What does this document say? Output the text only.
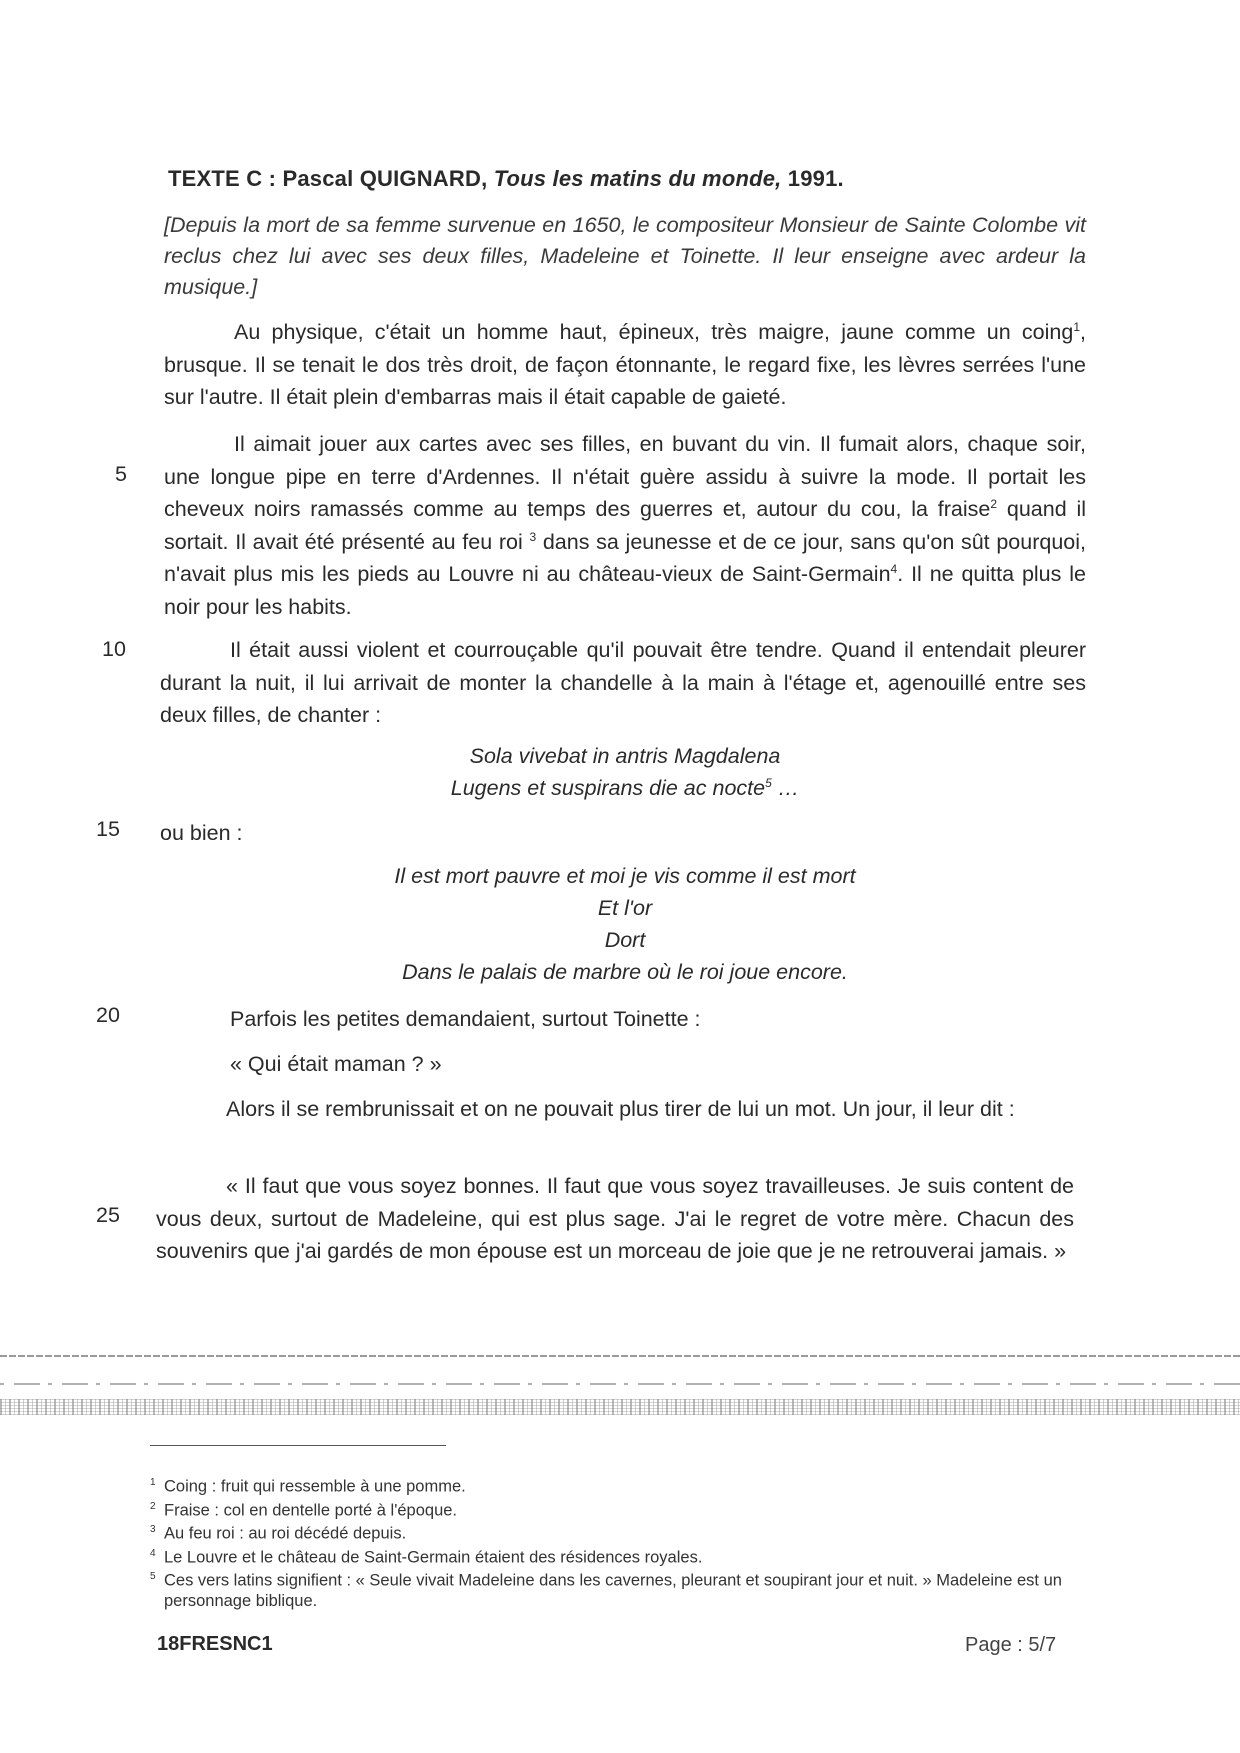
TEXTE C : Pascal QUIGNARD, Tous les matins du monde, 1991.

[Depuis la mort de sa femme survenue en 1650, le compositeur Monsieur de Sainte Colombe vit reclus chez lui avec ses deux filles, Madeleine et Toinette. Il leur enseigne avec ardeur la musique.]

Au physique, c'était un homme haut, épineux, très maigre, jaune comme un coing$^1$, brusque. Il se tenait le dos très droit, de façon étonnante, le regard fixe, les lèvres serrées l'une sur l'autre. Il était plein d'embarras mais il était capable de gaieté.

Il aimait jouer aux cartes avec ses filles, en buvant du vin. Il fumait alors, chaque soir, une longue pipe en terre d'Ardennes. Il n'était guère assidu à suivre la mode. Il portait les cheveux noirs ramassés comme au temps des guerres et, autour du cou, la fraise$^2$ quand il sortait. Il avait été présenté au feu roi $^3$ dans sa jeunesse et de ce jour, sans qu'on sût pourquoi, n'avait plus mis les pieds au Louvre ni au château-vieux de Saint-Germain$^4$. Il ne quitta plus le noir pour les habits.

Il était aussi violent et courrouçable qu'il pouvait être tendre. Quand il entendait pleurer durant la nuit, il lui arrivait de monter la chandelle à la main à l'étage et, agenouillé entre ses deux filles, de chanter :

Sola vivebat in antris Magdalena
Lugens et suspirans die ac nocte$^5$ …

ou bien :

Il est mort pauvre et moi je vis comme il est mort
Et l'or
Dort
Dans le palais de marbre où le roi joue encore.

Parfois les petites demandaient, surtout Toinette :

« Qui était maman ? »

Alors il se rembrunissait et on ne pouvait plus tirer de lui un mot. Un jour, il leur dit :

« Il faut que vous soyez bonnes. Il faut que vous soyez travailleuses. Je suis content de vous deux, surtout de Madeleine, qui est plus sage. J'ai le regret de votre mère. Chacun des souvenirs que j'ai gardés de mon épouse est un morceau de joie que je ne retrouverai jamais. »

5
10
15
20
25
1 Coing : fruit qui ressemble à une pomme.
2 Fraise : col en dentelle porté à l'époque.
3 Au feu roi : au roi décédé depuis.
4 Le Louvre et le château de Saint-Germain étaient des résidences royales.
5 Ces vers latins signifient : « Seule vivait Madeleine dans les cavernes, pleurant et soupirant jour et nuit. » Madeleine est un personnage biblique.
18FRESNC1	Page : 5/7
